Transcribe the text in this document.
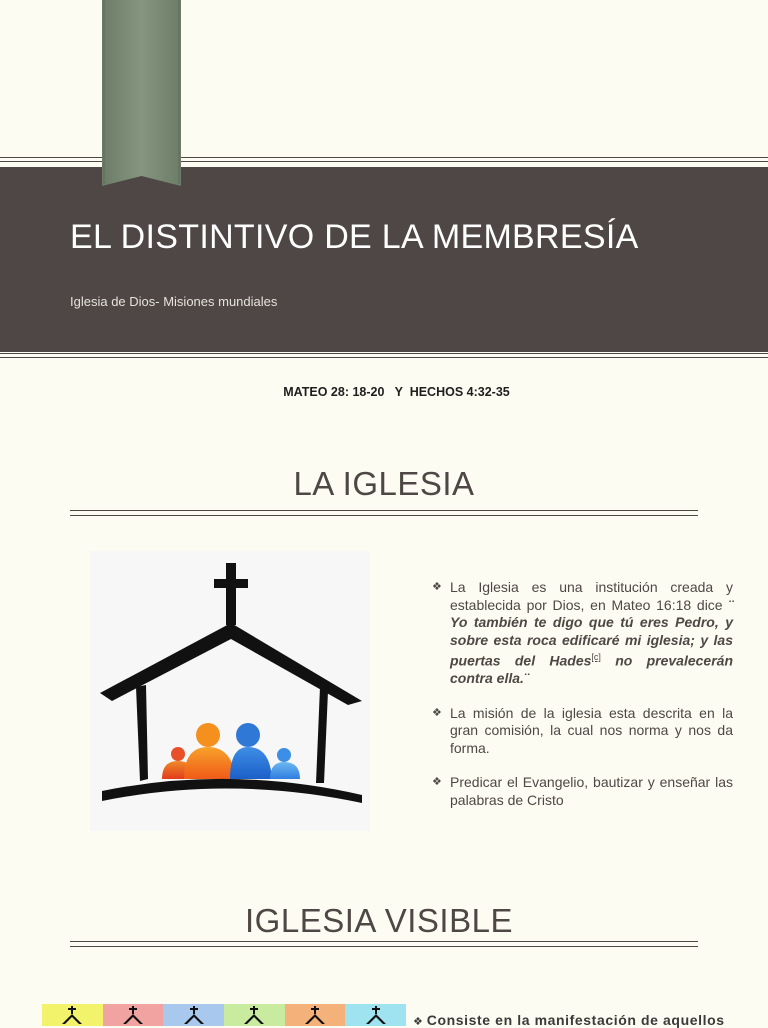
EL DISTINTIVO DE LA MEMBRESÍA
Iglesia de Dios- Misiones mundiales
MATEO 28: 18-20   Y  HECHOS 4:32-35
LA IGLESIA
❖ La Iglesia es una institución creada y establecida por Dios, en Mateo 16:18 dice ¨ Yo también te digo que tú eres Pedro, y sobre esta roca edificaré mi iglesia; y las puertas del Hades[c] no prevalecerán contra ella.¨
❖ La misión de la iglesia esta descrita en la gran comisión, la cual nos norma y nos da forma.
❖ Predicar el Evangelio, bautizar y enseñar las palabras de Cristo
IGLESIA VISIBLE
❖ Consiste en la manifestación de aquellos
